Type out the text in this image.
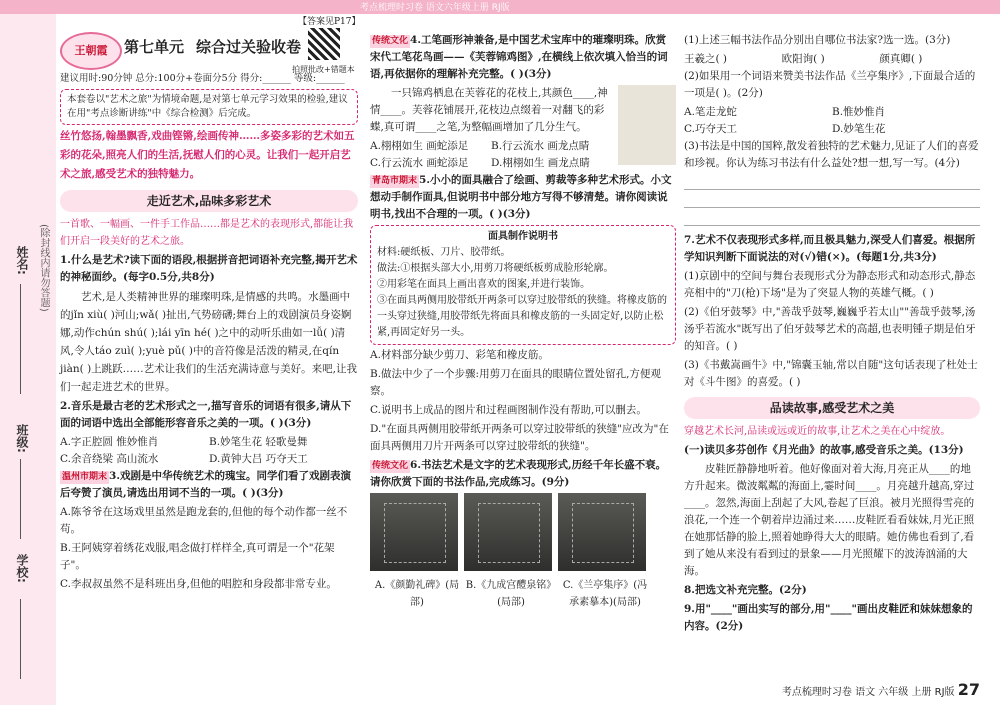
考点梳理时习卷 语文六年级上册 RJ版
学校:
班级:
姓名: (除封线内请勿答题)
王朝霞	第七单元 综合过关验收卷
【答案见P17】
拍照批改+错题本

建议用时:90分钟 总分:100分+卷面分5分 得分:______ 等级:______

本套卷以"艺术之旅"为情境命题,是对第七单元学习效果的检验,建议在用"考点诊断讲练"中《综合检测》后完成。

丝竹悠扬,翰墨飘香,戏曲铿锵,绘画传神……多姿多彩的艺术如五彩的花朵,照亮人们的生活,抚慰人们的心灵。让我们一起开启艺术之旅,感受艺术的独特魅力。

走近艺术,品味多彩艺术

一首歌、一幅画、一件手工作品……都是艺术的表现形式,都能让我们开启一段美好的艺术之旅。

1.什么是艺术?读下面的语段,根据拼音把词语补充完整,揭开艺术的神秘面纱。(每字0.5分,共8分)

艺术,是人类精神世界的璀璨明珠,是情感的共鸣。水墨画中的jǐn xiù( )河山;wǎ( )扯出,气势磅礴;舞台上的戏剧演员身姿婀娜,动作chún shú( );lái yīn hé( )之中的动听乐曲如一lǚ( )清风,令人táo zuì( );yuè pǔ( )中的音符像是活泼的精灵,在qín jiàn( )上跳跃……艺术让我们的生活充满诗意与美好。来吧,让我们一起走进艺术的世界。

2.音乐是最古老的艺术形式之一,描写音乐的词语有很多,请从下面的词语中选出全部能形容音乐之美的一项。( )(3分)

A.字正腔圆 惟妙惟肖	B.妙笔生花 轻歌曼舞
C.余音绕梁 高山流水	D.黄钟大吕 巧夺天工

温州市期末 3.戏剧是中华传统艺术的瑰宝。同学们看了戏剧表演后夸赞了演员,请选出用词不当的一项。( )(3分)

A.陈爷爷在这场戏里虽然是跑龙套的,但他的每个动作都一丝不苟。

B.王阿姨穿着绣花戏服,唱念做打样样全,真可谓是一个"花架子"。

C.李叔叔虽然不是科班出身,但他的唱腔和身段都非常专业。

传统文化 4.工笔画形神兼备,是中国艺术宝库中的璀璨明珠。欣赏宋代工笔花鸟画——《芙蓉锦鸡图》,在横线上依次填入恰当的词语,再依据你的理解补充完整。( )(3分)

一只锦鸡栖息在芙蓉花的花枝上,其颜色____,神情____。芙蓉花铺展开,花枝边点缀着一对翻飞的彩蝶,真可谓____之笔,为整幅画增加了几分生气。

A.栩栩如生 画蛇添足	B.行云流水 画龙点睛
C.行云流水 画蛇添足	D.栩栩如生 画龙点睛

青岛市期末 5.小小的面具融合了绘画、剪裁等多种艺术形式。小文想动手制作面具,但说明书中部分地方写得不够清楚。请你阅读说明书,找出不合理的一项。( )(3分)

面具制作说明书
材料:硬纸板、刀片、胶带纸。
做法:①根据头部大小,用剪刀将硬纸板剪成脸形轮廓。
②用彩笔在面具上画出喜欢的图案,并进行装饰。
③在面具两侧用胶带纸开两条可以穿过胶带纸的狭缝。将橡皮筋的一头穿过狭缝,用胶带纸先将面具和橡皮筋的一头固定好,以防止松紧,再固定好另一头。

A.材料部分缺少剪刀、彩笔和橡皮筋。

B.做法中少了一个步骤:用剪刀在面具的眼睛位置处留孔,方便观察。

C.说明书上成品的图片和过程画图制作没有帮助,可以删去。

D."在面具两侧用胶带纸开两条可以穿过胶带纸的狭缝"应改为"在面具两侧用刀片开两条可以穿过胶带纸的狭缝"。

传统文化 6.书法艺术是文字的艺术表现形式,历经千年长盛不衰。请你欣赏下面的书法作品,完成练习。(9分)

A.《颜勤礼碑》(局部)B.《九成宫醴泉铭》(局部)C.《兰亭集序》(冯承素摹本)(局部)

(1)上述三幅书法作品分别出自哪位书法家?选一选。(3分)

王羲之( )	欧阳询( )	颜真卿( )

(2)如果用一个词语来赞美书法作品《兰亭集序》,下面最合适的一项是( )。(2分)

A.笔走龙蛇	B.惟妙惟肖
C.巧夺天工	D.妙笔生花

(3)书法是中国的国粹,散发着独特的艺术魅力,见证了人们的喜爱和珍视。你认为练习书法有什么益处?想一想,写一写。(4分)

7.艺术不仅表现形式多样,而且极具魅力,深受人们喜爱。根据所学知识判断下面说法的对(√)错(×)。(每题1分,共3分)

(1)京剧中的空间与舞台表现形式分为静态形式和动态形式,静态亮相中的"刀(枪)下场"是为了突显人物的英雄气概。( )

(2)《伯牙鼓琴》中,"善哉乎鼓琴,巍巍乎若太山""善哉乎鼓琴,汤汤乎若流水"既写出了伯牙鼓琴艺术的高超,也表明锺子期是伯牙的知音。( )

(3)《书戴嵩画牛》中,"锦囊玉轴,常以自随"这句话表现了杜处士对《斗牛图》的喜爱。( )

品读故事,感受艺术之美

穿越艺术长河,品读或远或近的故事,让艺术之美在心中绽放。

(一)读贝多芬创作《月光曲》的故事,感受音乐之美。(13分)

皮鞋匠静静地听着。他好像面对着大海,月亮正从____的地方升起来。微波粼粼的海面上,霎时间____。月亮越升越高,穿过____。忽然,海面上刮起了大风,卷起了巨浪。被月光照得雪亮的浪花,一个连一个朝着岸边涌过来……皮鞋匠看看妹妹,月光正照在她那恬静的脸上,照着她睁得大大的眼睛。她仿佛也看到了,看到了她从来没有看到过的景象——月光照耀下的波涛汹涌的大海。

8.把选文补充完整。(2分)

9.用"____"画出实写的部分,用"____"画出皮鞋匠和妹妹想象的内容。(2分)

考点梳理时习卷 语文 六年级 上册 RJ版 27
